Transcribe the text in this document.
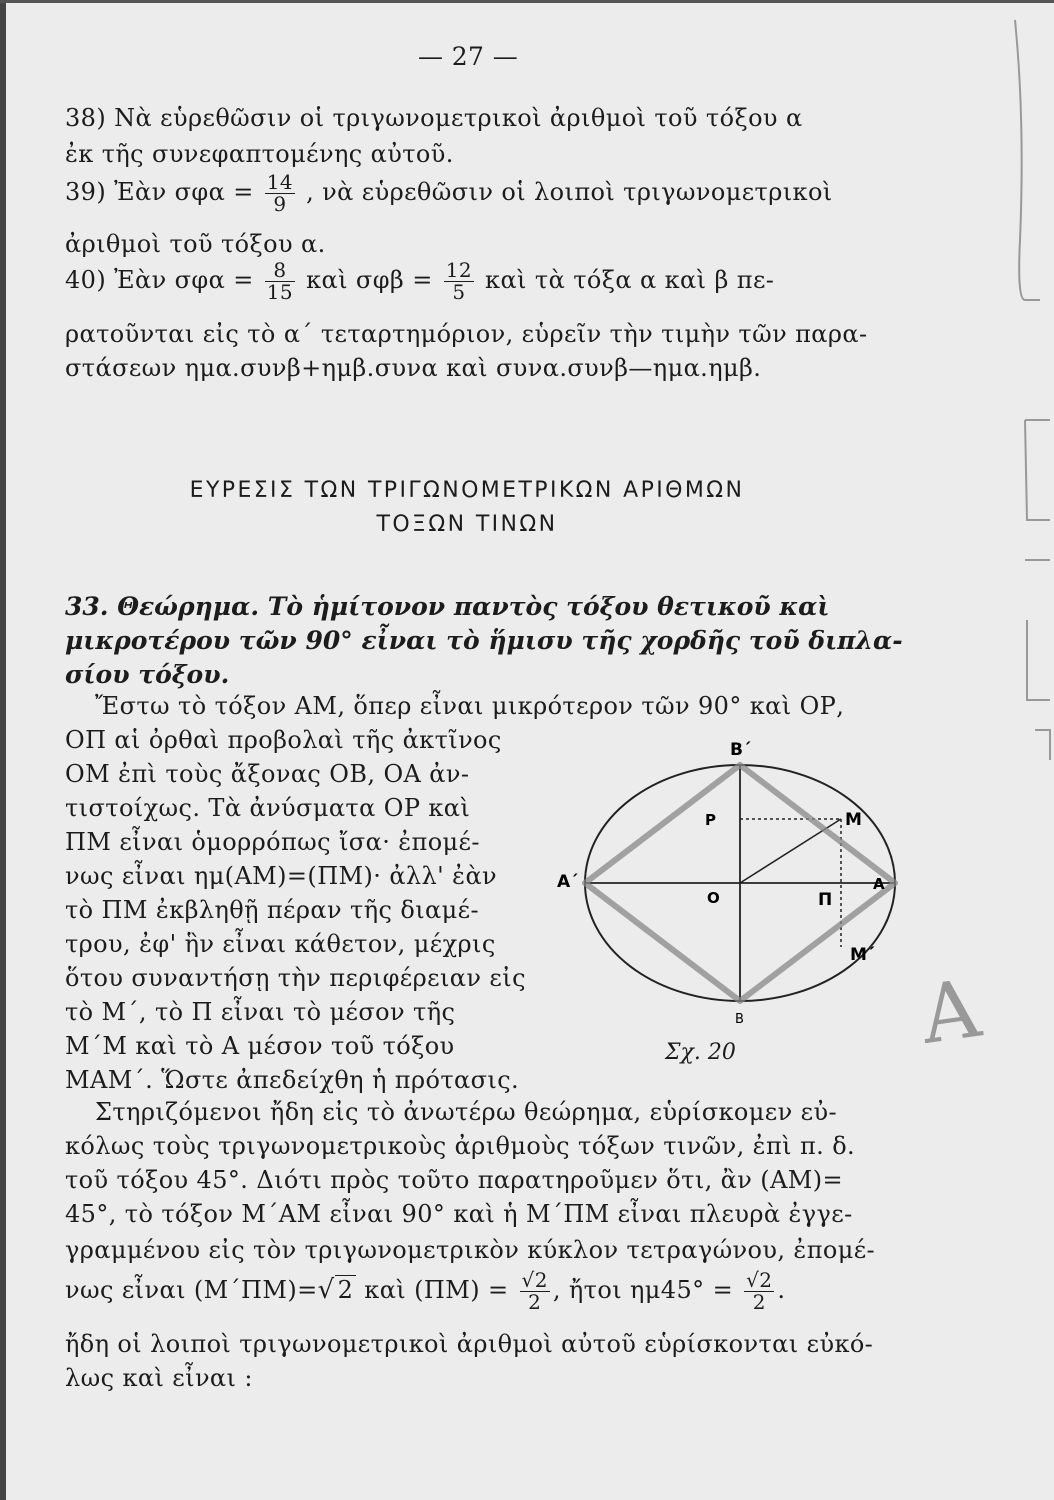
— 27 —
38) Νὰ εὑρεθῶσιν οἱ τριγωνομετρικοὶ ἀριθμοὶ τοῦ τόξου α
ἐκ τῆς συνεφαπτομένης αὐτοῦ.
39) Ἐὰν $\sigma\varphi\alpha = \frac{14}{9}$ , νὰ εὑρεθῶσιν οἱ λοιποὶ τριγωνομετρικοὶ
ἀριθμοὶ τοῦ τόξου α.
40) Ἐὰν $\sigma\varphi\alpha = \frac{8}{15}$ καὶ $\sigma\varphi\beta = \frac{12}{5}$ καὶ τὰ τόξα α καὶ β πε-
ρατοῦνται εἰς τὸ α΄ τεταρτημόριον, εὑρεῖν τὴν τιμὴν τῶν παρα-
στάσεων ημα.συνβ+ημβ.συνα καὶ συνα.συνβ—ημα.ημβ.
ΕΥΡΕΣΙΣ ΤΩΝ ΤΡΙΓΩΝΟΜΕΤΡΙΚΩΝ ΑΡΙΘΜΩΝ
ΤΟΞΩΝ ΤΙΝΩΝ
33. Θεώρημα. Τὸ ἡμίτονον παντὸς τόξου θετικοῦ καὶ
μικροτέρου τῶν 90° εἶναι τὸ ἥμισυ τῆς χορδῆς τοῦ διπλα-
σίου τόξου.
Ἔστω τὸ τόξον ΑΜ, ὅπερ εἶναι μικρότερον τῶν 90° καὶ ΟΡ,
ΟΠ αἱ ὀρθαὶ προβολαὶ τῆς ἀκτῖνος
ΟΜ ἐπὶ τοὺς ἄξονας ΟΒ, ΟΑ ἀν-
τιστοίχως. Τὰ ἀνύσματα ΟΡ καὶ
ΠΜ εἶναι ὁμορρόπως ἴσα· ἐπομέ-
νως εἶναι ημ(ΑΜ)=(ΠΜ)· ἀλλ' ἐὰν
τὸ ΠΜ ἐκβληθῇ πέραν τῆς διαμέ-
τρου, ἐφ' ἣν εἶναι κάθετον, μέχρις
ὅτου συναντήσῃ τὴν περιφέρειαν εἰς
τὸ Μ΄, τὸ Π εἶναι τὸ μέσον τῆς
Μ΄Μ καὶ τὸ Α μέσον τοῦ τόξου
ΜΑΜ΄. Ὥστε ἀπεδείχθη ἡ πρότασις.
Β΄
Β
Α΄	Α
Ο
Ρ	Μ
Μ΄
Π
Σχ. 20
Στηριζόμενοι ἤδη εἰς τὸ ἀνωτέρω θεώρημα, εὑρίσκομεν εὐ-
κόλως τοὺς τριγωνομετρικοὺς ἀριθμοὺς τόξων τινῶν, ἐπὶ π. δ.
τοῦ τόξου 45°. Διότι πρὸς τοῦτο παρατηροῦμεν ὅτι, ἂν (ΑΜ)=
45°, τὸ τόξον Μ΄ΑΜ εἶναι 90° καὶ ἡ Μ΄ΠΜ εἶναι πλευρὰ ἐγγε-
γραμμένου εἰς τὸν τριγωνομετρικὸν κύκλον τετραγώνου, ἐπομέ-
νως εἶναι (Μ΄ΠΜ)=√ 2 καὶ $(\Pi M) = \frac{√2}{2}$ , ἤτοι $\eta\mu 45^\circ = \frac{√2}{2}$ .
ἤδη οἱ λοιποὶ τριγωνομετρικοὶ ἀριθμοὶ αὐτοῦ εὑρίσκονται εὐκό-
λως καὶ εἶναι :
Α
